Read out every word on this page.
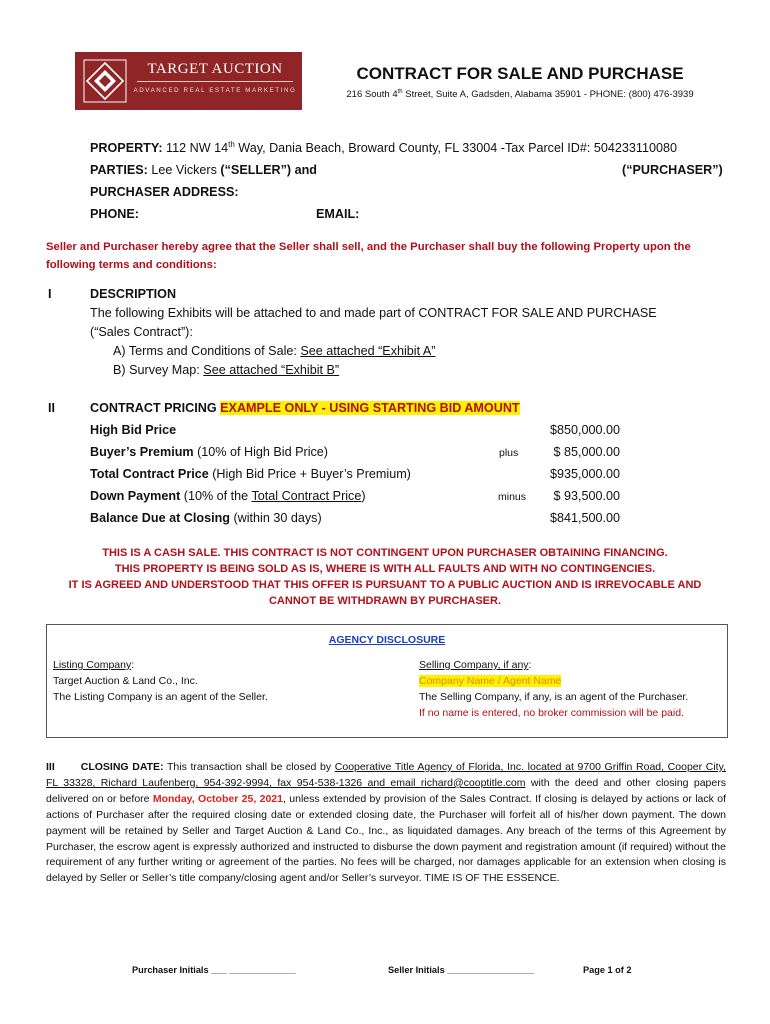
TARGET AUCTION
ADVANCED REAL ESTATE MARKETING
CONTRACT FOR SALE AND PURCHASE
216 South 4th Street, Suite A, Gadsden, Alabama 35901 - PHONE: (800) 476-3939
PROPERTY: 112 NW 14th Way, Dania Beach, Broward County, FL 33004 -Tax Parcel ID#: 504233110080
PARTIES: Lee Vickers (“SELLER”) and	(“PURCHASER”)
PURCHASER ADDRESS:
PHONE:	EMAIL:
Seller and Purchaser hereby agree that the Seller shall sell, and the Purchaser shall buy the following Property upon the following terms and conditions:
I	DESCRIPTION
The following Exhibits will be attached to and made part of CONTRACT FOR SALE AND PURCHASE
(“Sales Contract”):
A) Terms and Conditions of Sale: See attached “Exhibit A”
B) Survey Map: See attached “Exhibit B”
II	CONTRACT PRICING EXAMPLE ONLY - USING STARTING BID AMOUNT
High Bid Price	$850,000.00
Buyer’s Premium (10% of High Bid Price)	plus	$ 85,000.00
Total Contract Price (High Bid Price + Buyer’s Premium)	$935,000.00
Down Payment (10% of the Total Contract Price)	minus	$ 93,500.00
Balance Due at Closing (within 30 days)	$841,500.00
THIS IS A CASH SALE. THIS CONTRACT IS NOT CONTINGENT UPON PURCHASER OBTAINING FINANCING.
THIS PROPERTY IS BEING SOLD AS IS, WHERE IS WITH ALL FAULTS AND WITH NO CONTINGENCIES.
IT IS AGREED AND UNDERSTOOD THAT THIS OFFER IS PURSUANT TO A PUBLIC AUCTION AND IS IRREVOCABLE AND
CANNOT BE WITHDRAWN BY PURCHASER.
AGENCY DISCLOSURE
Listing Company:
Target Auction & Land Co., Inc.
The Listing Company is an agent of the Seller.
Selling Company, if any:
Company Name / Agent Name
The Selling Company, if any, is an agent of the Purchaser.
If no name is entered, no broker commission will be paid.
III CLOSING DATE: This transaction shall be closed by Cooperative Title Agency of Florida, Inc. located at 9700 Griffin Road, Cooper City, FL 33328, Richard Laufenberg, 954-392-9994, fax 954-538-1326 and email richard@cooptitle.com with the deed and other closing papers delivered on or before Monday, October 25, 2021, unless extended by provision of the Sales Contract. If closing is delayed by actions or lack of actions of Purchaser after the required closing date or extended closing date, the Purchaser will forfeit all of his/her down payment. The down payment will be retained by Seller and Target Auction & Land Co., Inc., as liquidated damages. Any breach of the terms of this Agreement by Purchaser, the escrow agent is expressly authorized and instructed to disburse the down payment and registration amount (if required) without the requirement of any further writing or agreement of the parties. No fees will be charged, nor damages applicable for an extension when closing is delayed by Seller or Seller’s title company/closing agent and/or Seller’s surveyor. TIME IS OF THE ESSENCE.
Purchaser Initials ___ _____________	Seller Initials _________________	Page 1 of 2
